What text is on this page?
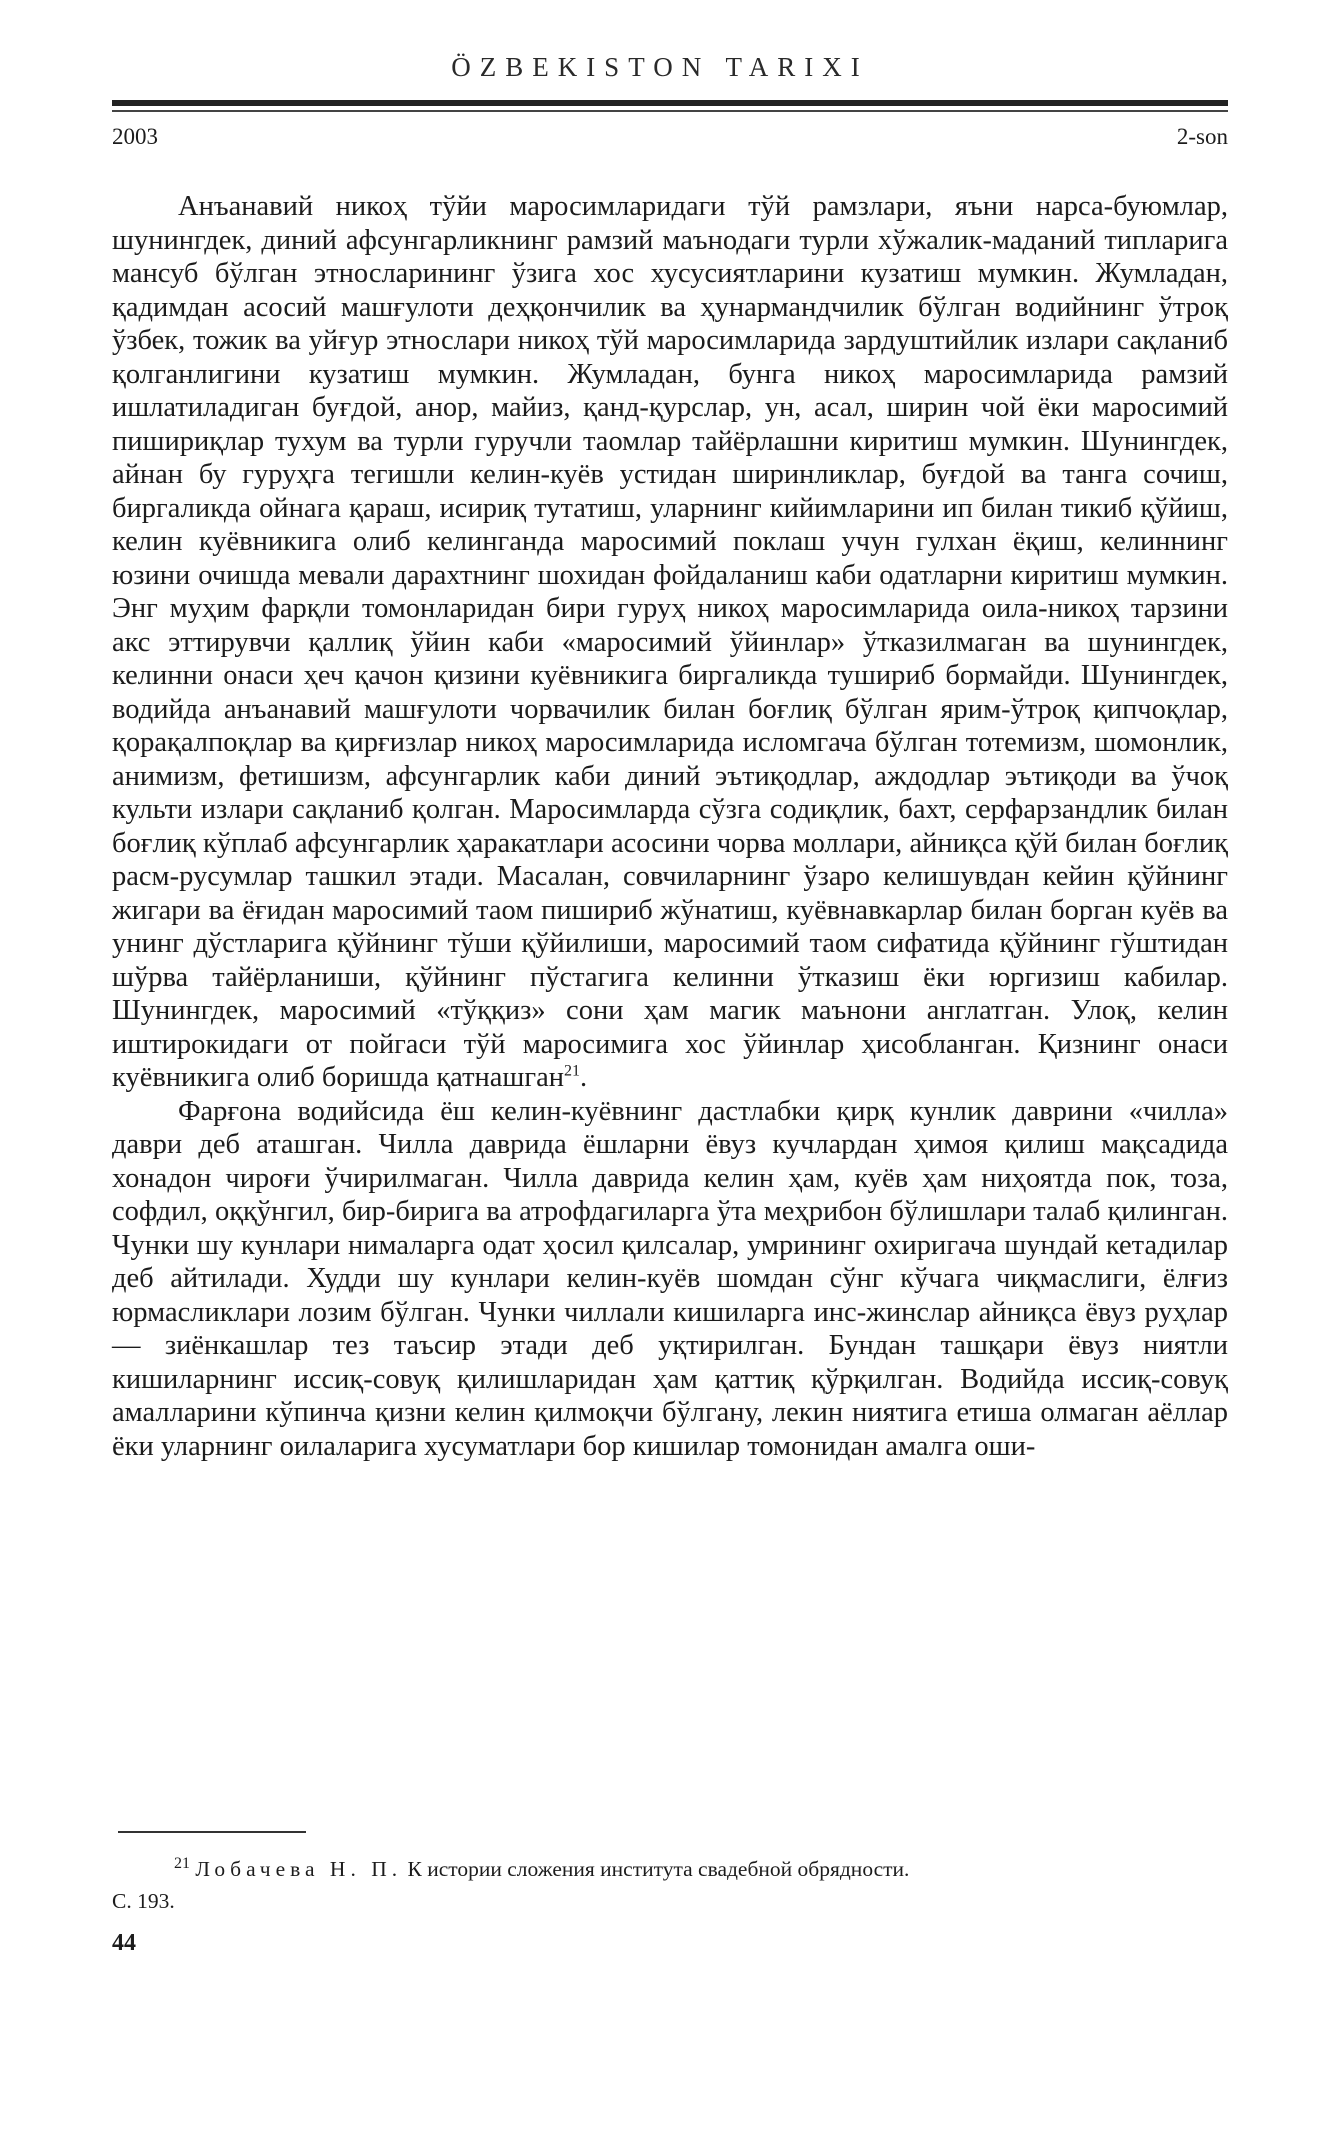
ÖZBEKISTON TARIXI
2003	2-son

Анъанавий никоҳ тўйи маросимларидаги тўй рамзлари, яъни нарса-буюмлар, шунингдек, диний афсунгарликнинг рамзий маънодаги турли хўжалик-маданий типларига мансуб бўлган этносларининг ўзига хос хусусиятларини кузатиш мумкин. Жумладан, қадимдан асосий машғулоти деҳқончилик ва ҳунармандчилик бўлган водийнинг ўтроқ ўзбек, тожик ва уйғур этнослари никоҳ тўй маросимларида зардуштийлик излари сақланиб қолганлигини кузатиш мумкин. Жумладан, бунга никоҳ маросимларида рамзий ишлатиладиган буғдой, анор, майиз, қанд-қурслар, ун, асал, ширин чой ёки маросимий пишириқлар тухум ва турли гуручли таомлар тайёрлашни киритиш мумкин. Шунингдек, айнан бу гуруҳга тегишли келин-куёв устидан ширинликлар, буғдой ва танга сочиш, биргаликда ойнага қараш, исириқ тутатиш, уларнинг кийимларини ип билан тикиб қўйиш, келин куёвникига олиб келинганда маросимий поклаш учун гулхан ёқиш, келиннинг юзини очишда мевали дарахтнинг шохидан фойдаланиш каби одатларни киритиш мумкин. Энг муҳим фарқли томонларидан бири гуруҳ никоҳ маросимларида оила-никоҳ тарзини акс эттирувчи қаллиқ ўйин каби «маросимий ўйинлар» ўтказилмаган ва шунингдек, келинни онаси ҳеч қачон қизини куёвникига биргаликда тушириб бормайди. Шунингдек, водийда анъанавий машғулоти чорвачилик билан боғлиқ бўлган ярим-ўтроқ қипчоқлар, қорақалпоқлар ва қирғизлар никоҳ маросимларида исломгача бўлган тотемизм, шомонлик, анимизм, фетишизм, афсунгарлик каби диний эътиқодлар, аждодлар эътиқоди ва ўчоқ культи излари сақланиб қолган. Маросимларда сўзга содиқлик, бахт, серфарзандлик билан боғлиқ кўплаб афсунгарлик ҳаракатлари асосини чорва моллари, айниқса қўй билан боғлиқ расм-русумлар ташкил этади. Масалан, совчиларнинг ўзаро келишувдан кейин қўйнинг жигари ва ёғидан маросимий таом пишириб жўнатиш, куёвнавкарлар билан борган куёв ва унинг дўстларига қўйнинг тўши қўйилиши, маросимий таом сифатида қўйнинг гўштидан шўрва тайёрланиши, қўйнинг пўстагига келинни ўтказиш ёки юргизиш кабилар. Шунингдек, маросимий «тўққиз» сони ҳам магик маънони англатган. Улоқ, келин иштирокидаги от пойгаси тўй маросимига хос ўйинлар ҳисобланган. Қизнинг онаси куёвникига олиб боришда қатнашган$^{21}$.

Фарғона водийсида ёш келин-куёвнинг дастлабки қирқ кунлик даврини «чилла» даври деб аташган. Чилла даврида ёшларни ёвуз кучлардан ҳимоя қилиш мақсадида хонадон чироғи ўчирилмаган. Чилла даврида келин ҳам, куёв ҳам ниҳоятда пок, тоза, софдил, оққўнгил, бир-бирига ва атрофдагиларга ўта меҳрибон бўлишлари талаб қилинган. Чунки шу кунлари нималарга одат ҳосил қилсалар, умрининг охиригача шундай кетадилар деб айтилади. Худди шу кунлари келин-куёв шомдан сўнг кўчага чиқмаслиги, ёлғиз юрмасликлари лозим бўлган. Чунки чиллали кишиларга инс-жинслар айниқса ёвуз руҳлар — зиёнкашлар тез таъсир этади деб уқтирилган. Бундан ташқари ёвуз ниятли кишиларнинг иссиқ-совуқ қилишларидан ҳам қаттиқ қўрқилган. Водийда иссиқ-совуқ амалларини кўпинча қизни келин қилмоқчи бўлгану, лекин ниятига етиша олмаган аёллар ёки уларнинг оилаларига хусуматлари бор кишилар томонидан амалга оши-

$^{21}$ Лобачева Н. П. К истории сложения института свадебной обрядности.
С. 193.
44
